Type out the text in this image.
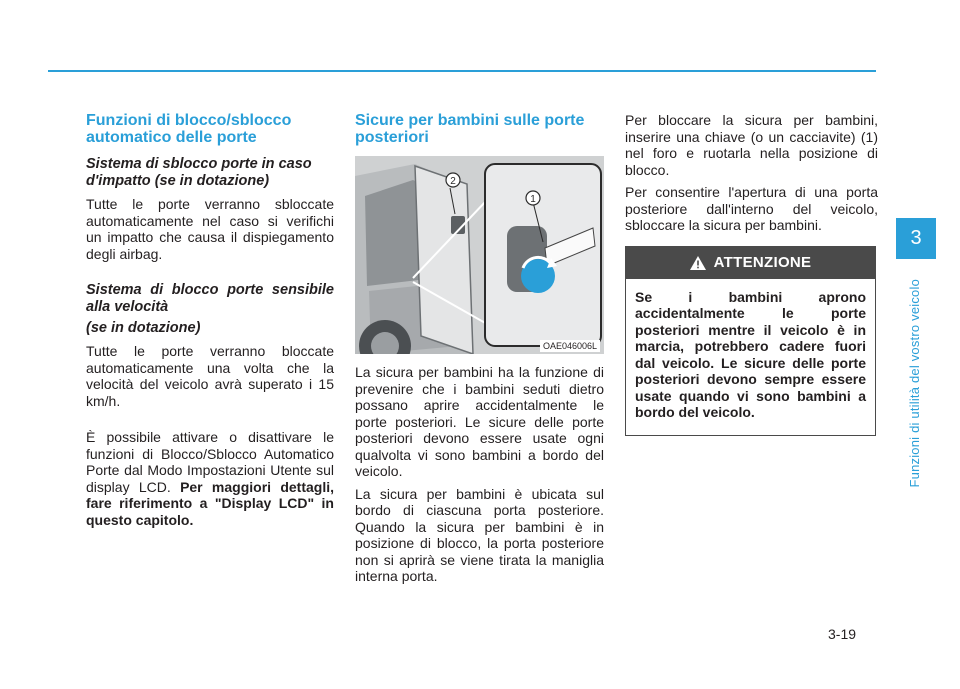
Funzioni di blocco/sblocco automatico delle porte
Sistema di sblocco porte in caso d'impatto (se in dotazione)

Tutte le porte verranno sbloccate automaticamente nel caso si verifichi un impatto che causa il dispiegamento degli airbag.

Sistema di blocco porte sensibile alla velocità
(se in dotazione)

Tutte le porte verranno bloccate automaticamente una volta che la velocità del veicolo avrà superato i 15 km/h.

È possibile attivare o disattivare le funzioni di Blocco/Sblocco Automatico Porte dal Modo Impostazioni Utente sul display LCD. Per maggiori dettagli, fare riferimento a "Display LCD" in questo capitolo.

Sicure per bambini sulle porte posteriori
1
2
OAE046006L

La sicura per bambini ha la funzione di prevenire che i bambini seduti dietro possano aprire accidentalmente le porte posteriori. Le sicure delle porte posteriori devono essere usate ogni qualvolta vi sono bambini a bordo del veicolo.

La sicura per bambini è ubicata sul bordo di ciascuna porta posteriore. Quando la sicura per bambini è in posizione di blocco, la porta posteriore non si aprirà se viene tirata la maniglia interna porta.

Per bloccare la sicura per bambini, inserire una chiave (o un cacciavite) (1) nel foro e ruotarla nella posizione di blocco.

Per consentire l'apertura di una porta posteriore dall'interno del veicolo, sbloccare la sicura per bambini.

ATTENZIONE
Se i bambini aprono accidentalmente le porte posteriori mentre il veicolo è in marcia, potrebbero cadere fuori dal veicolo. Le sicure delle porte posteriori devono sempre essere usate quando vi sono bambini a bordo del veicolo.
3
Funzioni di utilità del vostro veicolo
3-19
